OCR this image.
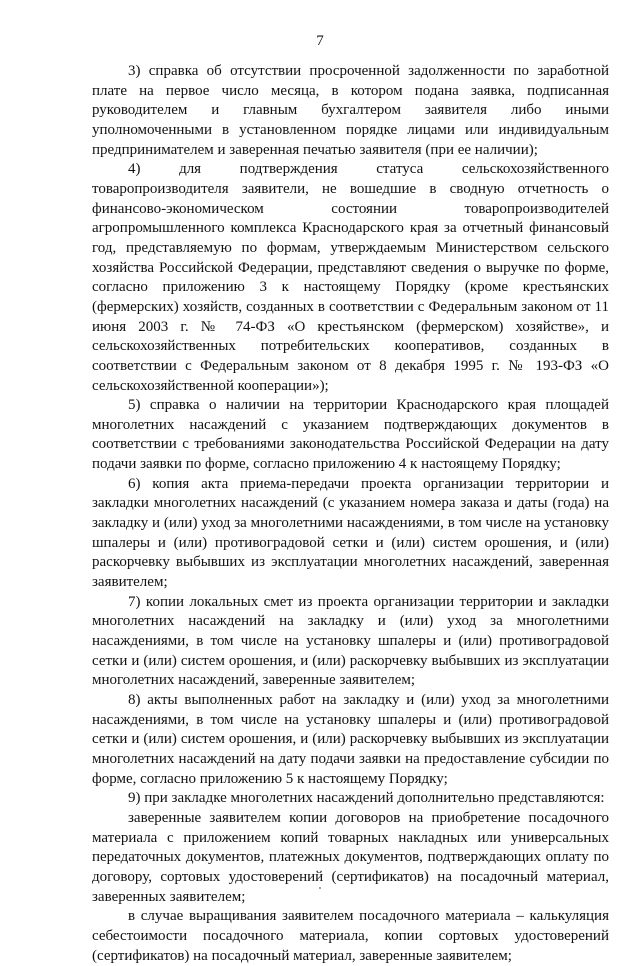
7

3) справка об отсутствии просроченной задолженности по заработной плате на первое число месяца, в котором подана заявка, подписанная руководителем и главным бухгалтером заявителя либо иными уполномоченными в установленном порядке лицами или индивидуальным предпринимателем и заверенная печатью заявителя (при ее наличии);

4) для подтверждения статуса сельскохозяйственного товаропроизводителя заявители, не вошедшие в сводную отчетность о финансово-экономическом состоянии товаропроизводителей агропромышленного комплекса Краснодарского края за отчетный финансовый год, представляемую по формам, утверждаемым Министерством сельского хозяйства Российской Федерации, представляют сведения о выручке по форме, согласно приложению 3 к настоящему Порядку (кроме крестьянских (фермерских) хозяйств, созданных в соответствии с Федеральным законом от 11 июня 2003 г. № 74-ФЗ «О крестьянском (фермерском) хозяйстве», и сельскохозяйственных потребительских кооперативов, созданных в соответствии с Федеральным законом от 8 декабря 1995 г. № 193-ФЗ «О сельскохозяйственной кооперации»);

5) справка о наличии на территории Краснодарского края площадей многолетних насаждений с указанием подтверждающих документов в соответствии с требованиями законодательства Российской Федерации на дату подачи заявки по форме, согласно приложению 4 к настоящему Порядку;

6) копия акта приема-передачи проекта организации территории и закладки многолетних насаждений (с указанием номера заказа и даты (года) на закладку и (или) уход за многолетними насаждениями, в том числе на установку шпалеры и (или) противоградовой сетки и (или) систем орошения, и (или) раскорчевку выбывших из эксплуатации многолетних насаждений, заверенная заявителем;

7) копии локальных смет из проекта организации территории и закладки многолетних насаждений на закладку и (или) уход за многолетними насаждениями, в том числе на установку шпалеры и (или) противоградовой сетки и (или) систем орошения, и (или) раскорчевку выбывших из эксплуатации многолетних насаждений, заверенные заявителем;

8) акты выполненных работ на закладку и (или) уход за многолетними насаждениями, в том числе на установку шпалеры и (или) противоградовой сетки и (или) систем орошения, и (или) раскорчевку выбывших из эксплуатации многолетних насаждений на дату подачи заявки на предоставление субсидии по форме, согласно приложению 5 к настоящему Порядку;

9) при закладке многолетних насаждений дополнительно представляются:

заверенные заявителем копии договоров на приобретение посадочного материала с приложением копий товарных накладных или универсальных передаточных документов, платежных документов, подтверждающих оплату по договору, сортовых удостоверений (сертификатов) на посадочный материал, заверенных заявителем;

в случае выращивания заявителем посадочного материала – калькуляция себестоимости посадочного материала, копии сортовых удостоверений (сертификатов) на посадочный материал, заверенные заявителем;
